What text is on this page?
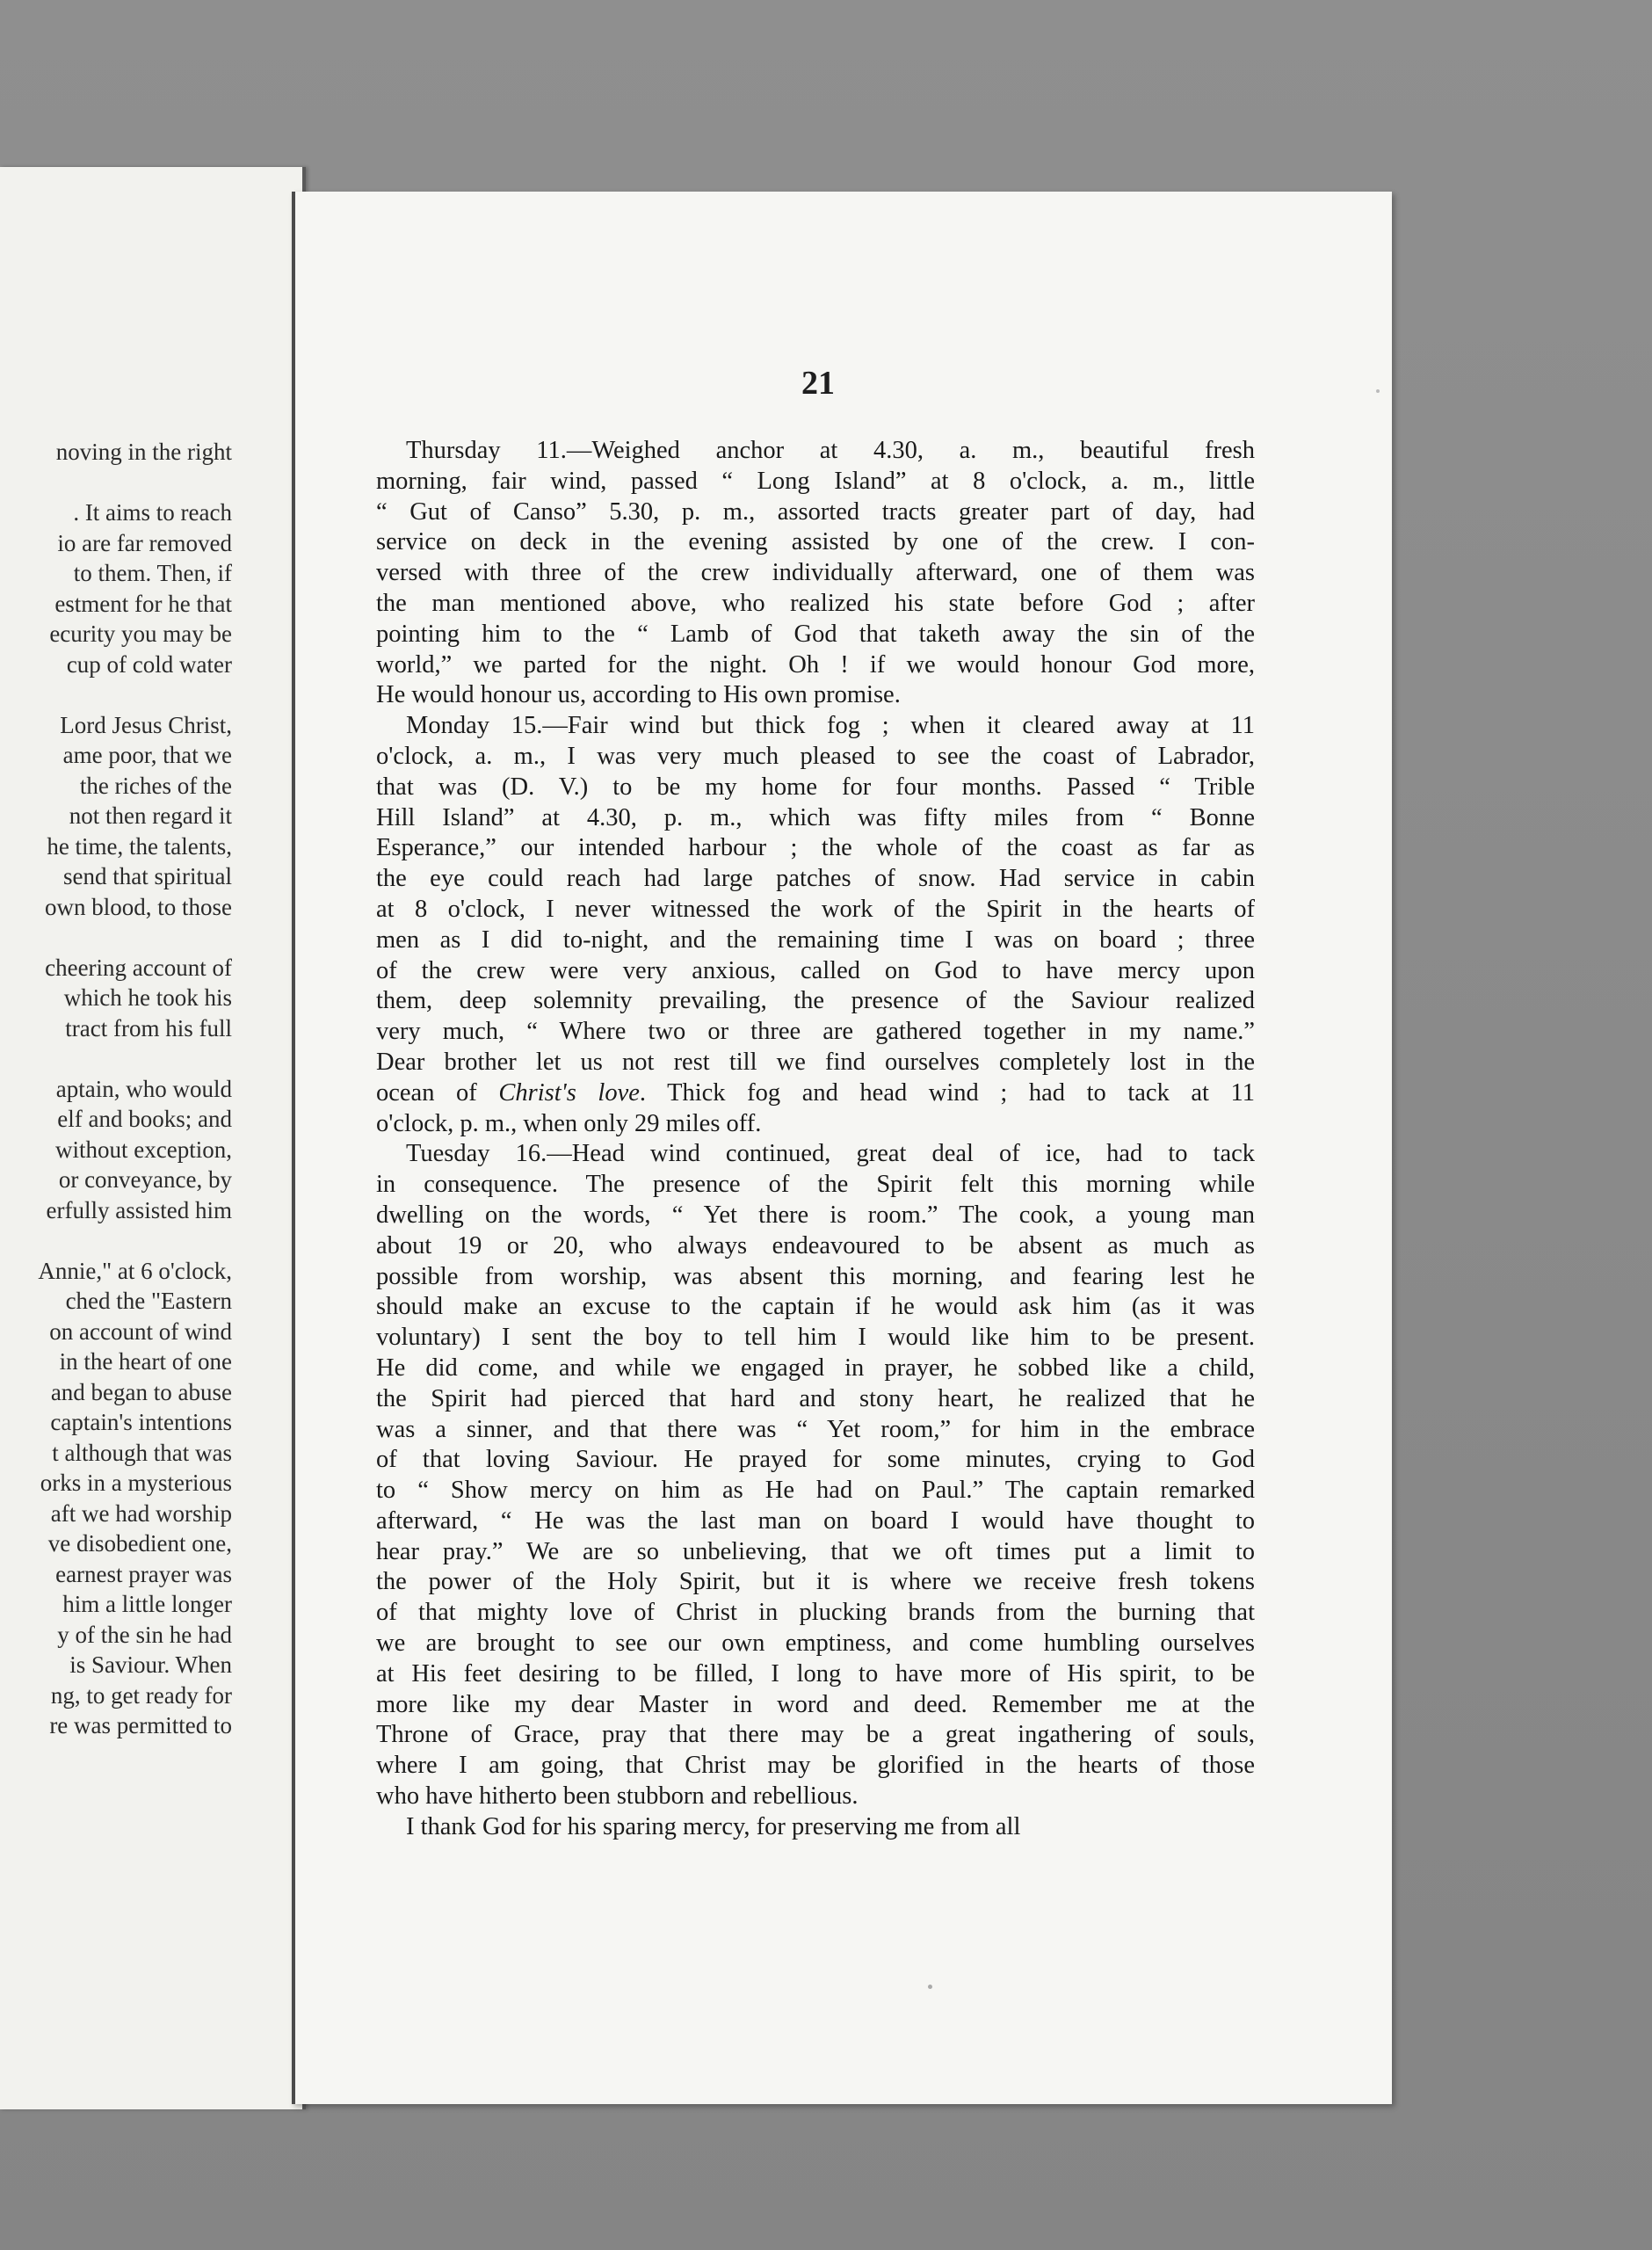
noving in the right
. It aims to reach
io are far removed
to them. Then, if
estment for he that
ecurity you may be
cup of cold water
Lord Jesus Christ,
ame poor, that we
the riches of the
not then regard it
he time, the talents,
send that spiritual
own blood, to those
cheering account of
which he took his
tract from his full
aptain, who would
elf and books; and
without exception,
or conveyance, by
erfully assisted him
Annie," at 6 o'clock,
ched the "Eastern
on account of wind
in the heart of one
and began to abuse
captain's intentions
t although that was
orks in a mysterious
aft we had worship
ve disobedient one,
earnest prayer was
him a little longer
y of the sin he had
is Saviour. When
ng, to get ready for
re was permitted to
21
Thursday 11.—Weighed anchor at 4.30, a. m., beautiful fresh
morning, fair wind, passed “ Long Island” at 8 o'clock, a. m., little
“ Gut of Canso” 5.30, p. m., assorted tracts greater part of day, had
service on deck in the evening assisted by one of the crew. I con-
versed with three of the crew individually afterward, one of them was
the man mentioned above, who realized his state before God ; after
pointing him to the “ Lamb of God that taketh away the sin of the
world,” we parted for the night. Oh ! if we would honour God more,
He would honour us, according to His own promise.
Monday 15.—Fair wind but thick fog ; when it cleared away at 11
o'clock, a. m., I was very much pleased to see the coast of Labrador,
that was (D. V.) to be my home for four months. Passed “ Trible
Hill Island” at 4.30, p. m., which was fifty miles from “ Bonne
Esperance,” our intended harbour ; the whole of the coast as far as
the eye could reach had large patches of snow. Had service in cabin
at 8 o'clock, I never witnessed the work of the Spirit in the hearts of
men as I did to-night, and the remaining time I was on board ; three
of the crew were very anxious, called on God to have mercy upon
them, deep solemnity prevailing, the presence of the Saviour realized
very much, “ Where two or three are gathered together in my name.”
Dear brother let us not rest till we find ourselves completely lost in the
ocean of Christ's love. Thick fog and head wind ; had to tack at 11
o'clock, p. m., when only 29 miles off.
Tuesday 16.—Head wind continued, great deal of ice, had to tack
in consequence. The presence of the Spirit felt this morning while
dwelling on the words, “ Yet there is room.” The cook, a young man
about 19 or 20, who always endeavoured to be absent as much as
possible from worship, was absent this morning, and fearing lest he
should make an excuse to the captain if he would ask him (as it was
voluntary) I sent the boy to tell him I would like him to be present.
He did come, and while we engaged in prayer, he sobbed like a child,
the Spirit had pierced that hard and stony heart, he realized that he
was a sinner, and that there was “ Yet room,” for him in the embrace
of that loving Saviour. He prayed for some minutes, crying to God
to “ Show mercy on him as He had on Paul.” The captain remarked
afterward, “ He was the last man on board I would have thought to
hear pray.” We are so unbelieving, that we oft times put a limit to
the power of the Holy Spirit, but it is where we receive fresh tokens
of that mighty love of Christ in plucking brands from the burning that
we are brought to see our own emptiness, and come humbling ourselves
at His feet desiring to be filled, I long to have more of His spirit, to be
more like my dear Master in word and deed. Remember me at the
Throne of Grace, pray that there may be a great ingathering of souls,
where I am going, that Christ may be glorified in the hearts of those
who have hitherto been stubborn and rebellious.
I thank God for his sparing mercy, for preserving me from all
